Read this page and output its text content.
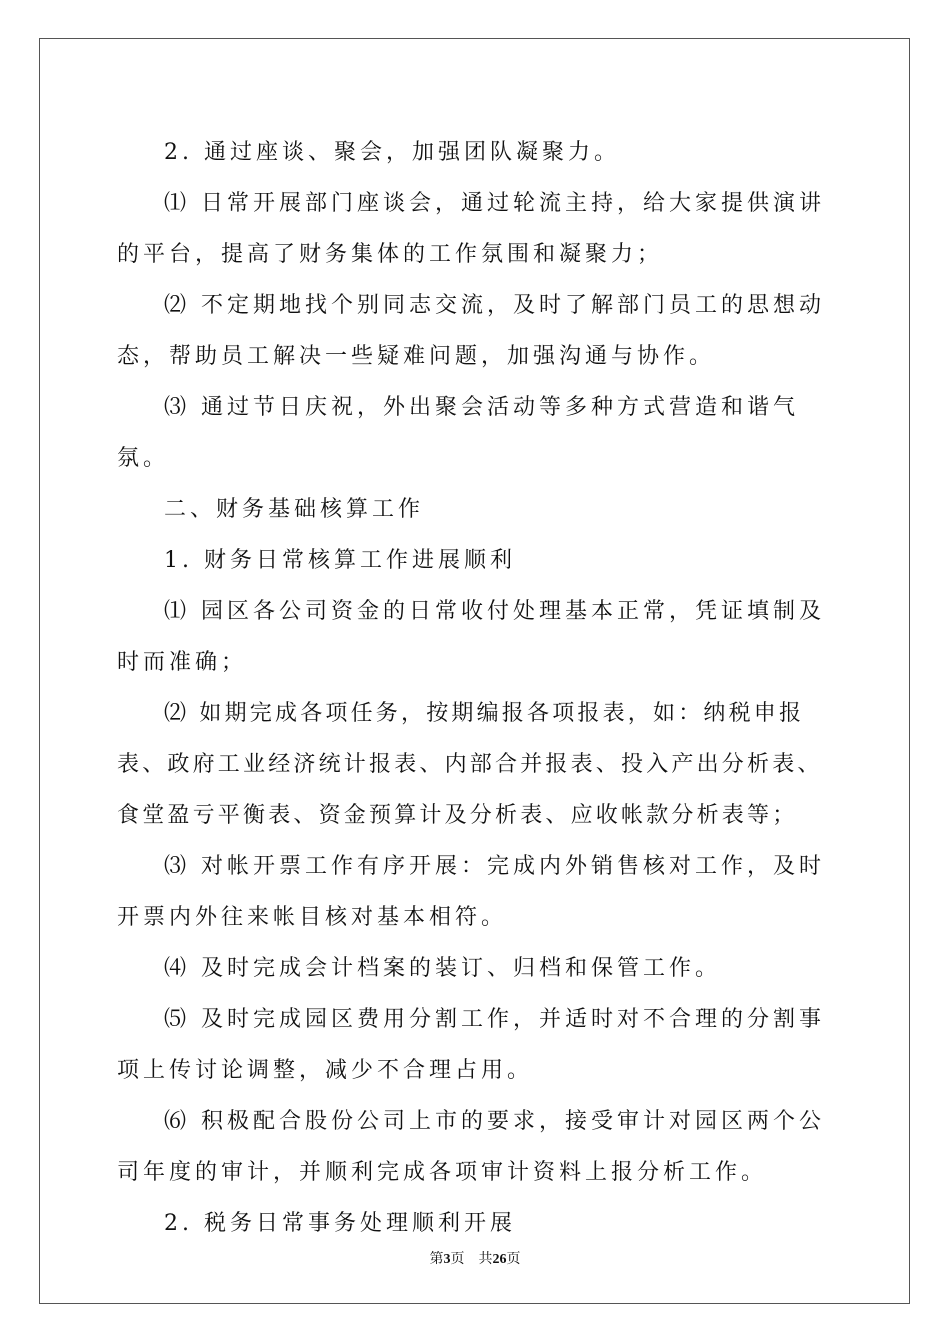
2. 通过座谈、聚会，加强团队凝聚力。

⑴ 日常开展部门座谈会，通过轮流主持，给大家提供演讲的平台，提高了财务集体的工作氛围和凝聚力；

⑵ 不定期地找个别同志交流，及时了解部门员工的思想动态，帮助员工解决一些疑难问题，加强沟通与协作。

⑶ 通过节日庆祝，外出聚会活动等多种方式营造和谐气氛。

二、财务基础核算工作

1. 财务日常核算工作进展顺利

⑴ 园区各公司资金的日常收付处理基本正常，凭证填制及时而准确；

⑵ 如期完成各项任务，按期编报各项报表，如：纳税申报表、政府工业经济统计报表、内部合并报表、投入产出分析表、食堂盈亏平衡表、资金预算计及分析表、应收帐款分析表等；

⑶ 对帐开票工作有序开展：完成内外销售核对工作，及时开票内外往来帐目核对基本相符。

⑷ 及时完成会计档案的装订、归档和保管工作。

⑸ 及时完成园区费用分割工作，并适时对不合理的分割事项上传讨论调整，减少不合理占用。

⑹ 积极配合股份公司上市的要求，接受审计对园区两个公司年度的审计，并顺利完成各项审计资料上报分析工作。

2. 税务日常事务处理顺利开展

第3页 共26页
